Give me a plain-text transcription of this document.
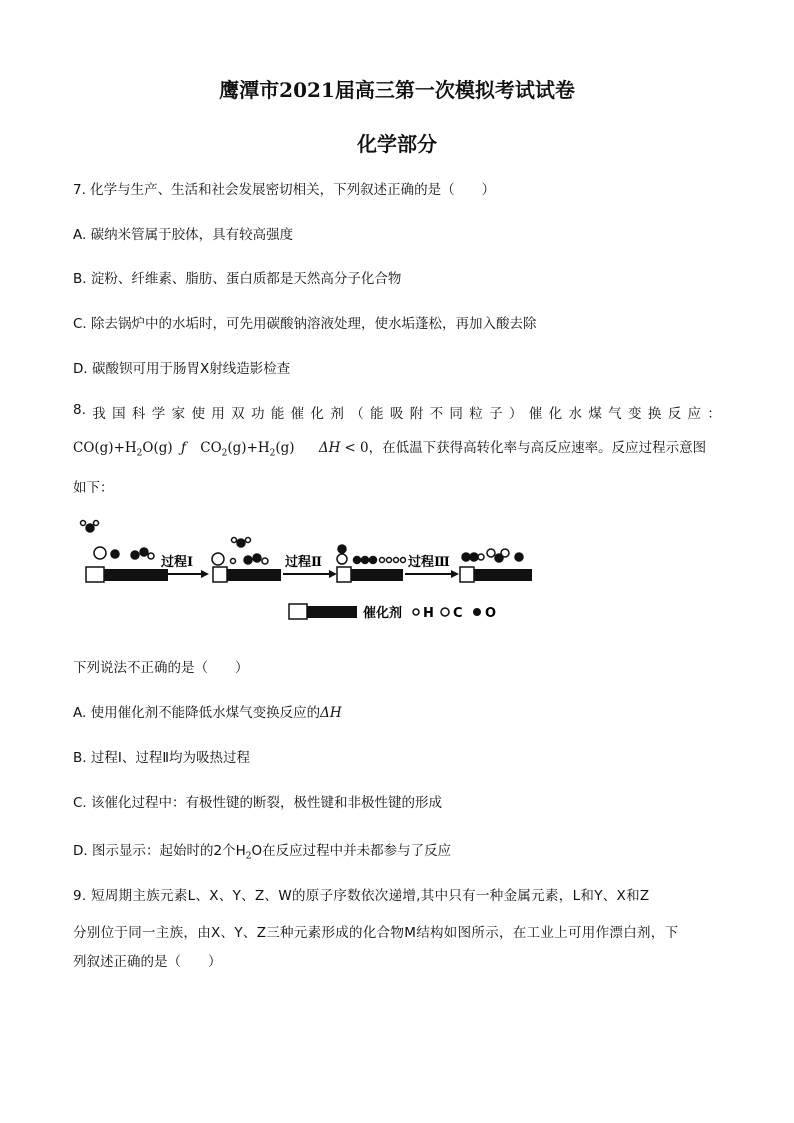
鹰潭市2021届高三第一次模拟考试试卷
化学部分
7. 化学与生产、生活和社会发展密切相关，下列叙述正确的是（　　）
A. 碳纳米管属于胶体，具有较高强度
B. 淀粉、纤维素、脂肪、蛋白质都是天然高分子化合物
C. 除去锅炉中的水垢时，可先用碳酸钠溶液处理，使水垢蓬松，再加入酸去除
D. 碳酸钡可用于肠胃X射线造影检查
8. 我 国 科 学 家 使 用 双 功 能 催 化 剂 （ 能 吸 附 不 同 粒 子 ） 催 化 水 煤 气 变 换 反 应 ：
$CO(g)+H_2O(g)$ ƒ $CO_2(g)+H_2(g) \Delta H < 0$，在低温下获得高转化率与高反应速率。反应过程示意图
如下：
过程Ⅰ	过程Ⅱ	过程Ⅲ
催化剂 H C O
下列说法不正确的是（　　）
A. 使用催化剂不能降低水煤气变换反应的ΔH
B. 过程Ⅰ、过程Ⅱ均为吸热过程
C. 该催化过程中：有极性键的断裂，极性键和非极性键的形成
D. 图示显示：起始时的2个$H_2O$在反应过程中并未都参与了反应
9. 短周期主族元素L、X、Y、Z、W的原子序数依次递增,其中只有一种金属元素，L和Y、X和Z
分别位于同一主族，由X、Y、Z三种元素形成的化合物M结构如图所示，在工业上可用作漂白剂，下
列叙述正确的是（　　）
